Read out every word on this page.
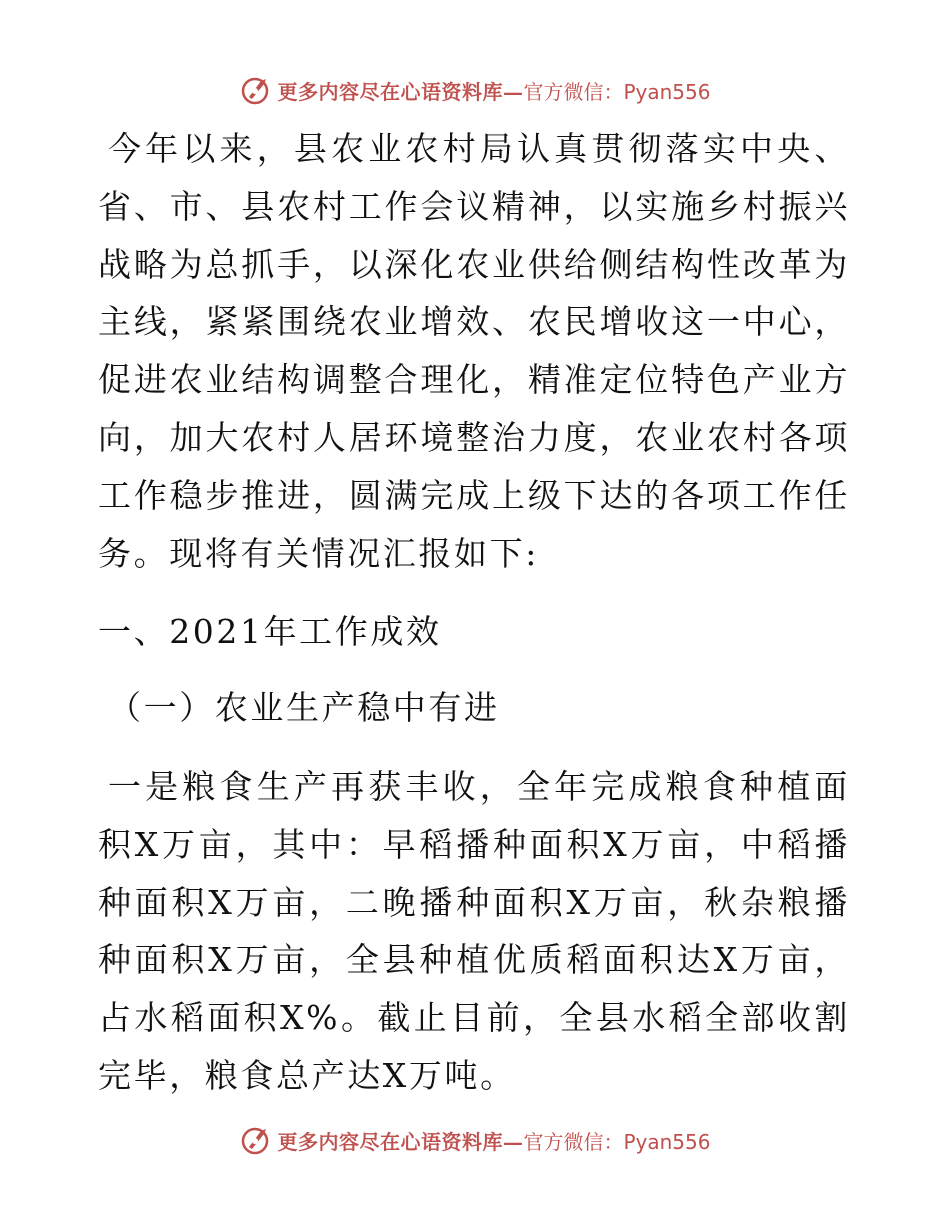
更多内容尽在心语资料库— 官方微信：Pyan556

今年以来，县农业农村局认真贯彻落实中央、省、市、县农村工作会议精神，以实施乡村振兴战略为总抓手，以深化农业供给侧结构性改革为主线，紧紧围绕农业增效、农民增收这一中心，促进农业结构调整合理化，精准定位特色产业方向，加大农村人居环境整治力度，农业农村各项工作稳步推进，圆满完成上级下达的各项工作任务。现将有关情况汇报如下:

一、2021年工作成效
（一）农业生产稳中有进

一是粮食生产再获丰收，全年完成粮食种植面积X万亩，其中：早稻播种面积X万亩，中稻播种面积X万亩，二晚播种面积X万亩，秋杂粮播种面积X万亩，全县种植优质稻面积达X万亩，占水稻面积X%。截止目前，全县水稻全部收割完毕，粮食总产达X万吨。

更多内容尽在心语资料库— 官方微信：Pyan556
